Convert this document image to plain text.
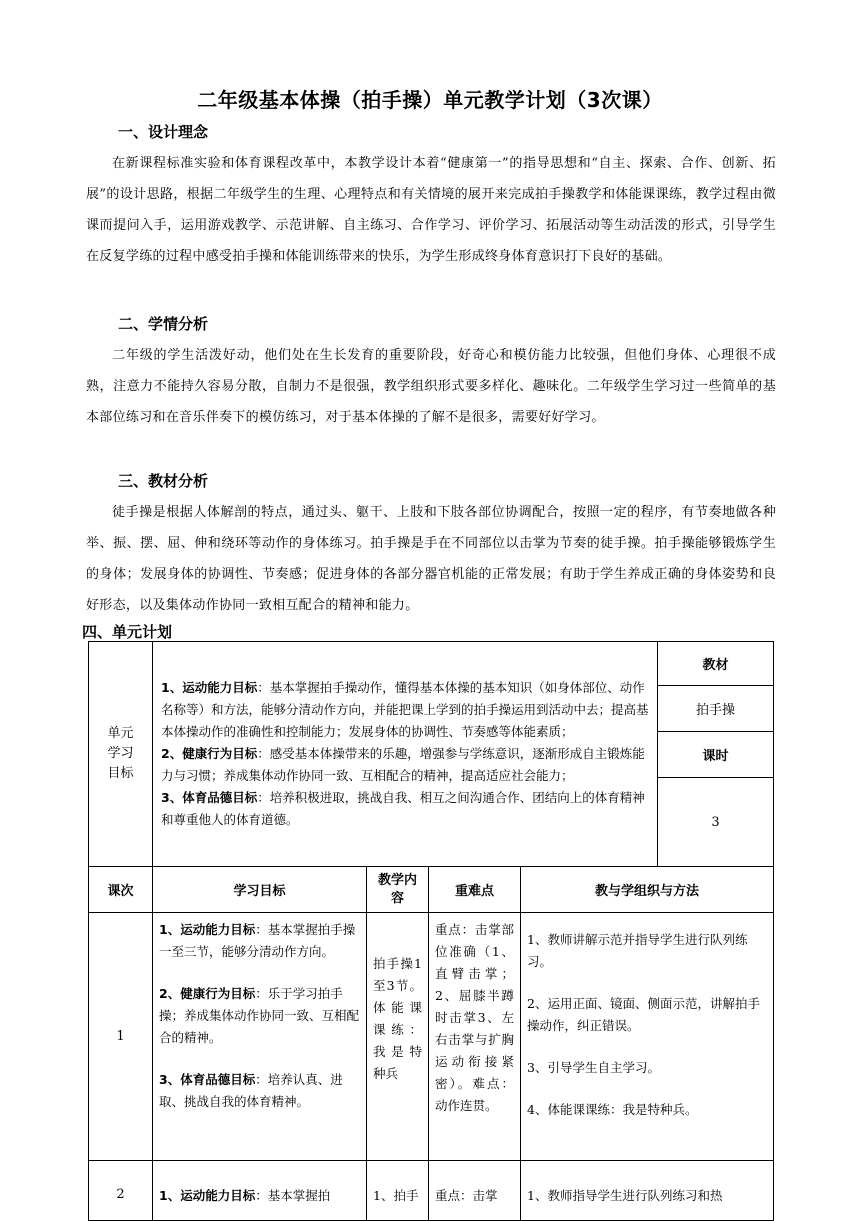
二年级基本体操（拍手操）单元教学计划（3次课）
一、设计理念
在新课程标准实验和体育课程改革中，本教学设计本着“健康第一”的指导思想和“自主、探索、合作、创新、拓展”的设计思路，根据二年级学生的生理、心理特点和有关情境的展开来完成拍手操教学和体能课课练，教学过程由微课而提问入手，运用游戏教学、示范讲解、自主练习、合作学习、评价学习、拓展活动等生动活泼的形式，引导学生在反复学练的过程中感受拍手操和体能训练带来的快乐，为学生形成终身体育意识打下良好的基础。
二、学情分析
二年级的学生活泼好动，他们处在生长发育的重要阶段，好奇心和模仿能力比较强，但他们身体、心理很不成熟，注意力不能持久容易分散，自制力不是很强，教学组织形式要多样化、趣味化。二年级学生学习过一些简单的基本部位练习和在音乐伴奏下的模仿练习，对于基本体操的了解不是很多，需要好好学习。
三、教材分析
徒手操是根据人体解剖的特点，通过头、躯干、上肢和下肢各部位协调配合，按照一定的程序，有节奏地做各种举、振、摆、屈、伸和绕环等动作的身体练习。拍手操是手在不同部位以击掌为节奏的徒手操。拍手操能够锻炼学生的身体；发展身体的协调性、节奏感；促进身体的各部分器官机能的正常发展；有助于学生养成正确的身体姿势和良好形态，以及集体动作协同一致相互配合的精神和能力。
四、单元计划
单元学习目标	1、运动能力目标：基本掌握拍手操动作，懂得基本体操的基本知识（如身体部位、动作名称等）和方法，能够分清动作方向，并能把课上学到的拍手操运用到活动中去；提高基本体操动作的准确性和控制能力；发展身体的协调性、节奏感等体能素质；
2、健康行为目标：感受基本体操带来的乐趣，增强参与学练意识，逐渐形成自主锻炼能力与习惯；养成集体动作协同一致、互相配合的精神，提高适应社会能力；
3、体育品德目标：培养积极进取，挑战自我、相互之间沟通合作、团结向上的体育精神和尊重他人的体育道德。				教材
					拍手操
					课时
					3
课次	学习目标	教学内容	重难点	教与学组织与方法	
1	1、运动能力目标：基本掌握拍手操一至三节，能够分清动作方向。
2、健康行为目标：乐于学习拍手操；养成集体动作协同一致、互相配合的精神。
3、体育品德目标：培养认真、进取、挑战自我的体育精神。	拍手操1至3节。体能课课练：我是特种兵	重点：击掌部位准确（1、直臂击掌；2、屈膝半蹲时击掌3、左右击掌与扩胸运动衔接紧密）。难点：动作连贯。	1、教师讲解示范并指导学生进行队列练习。
2、运用正面、镜面、侧面示范，讲解拍手操动作，纠正错误。
3、引导学生自主学习。
4、体能课课练：我是特种兵。	

2	1、运动能力目标：基本掌握拍	1、拍手	重点：击掌	1、教师指导学生进行队列练习和热	
